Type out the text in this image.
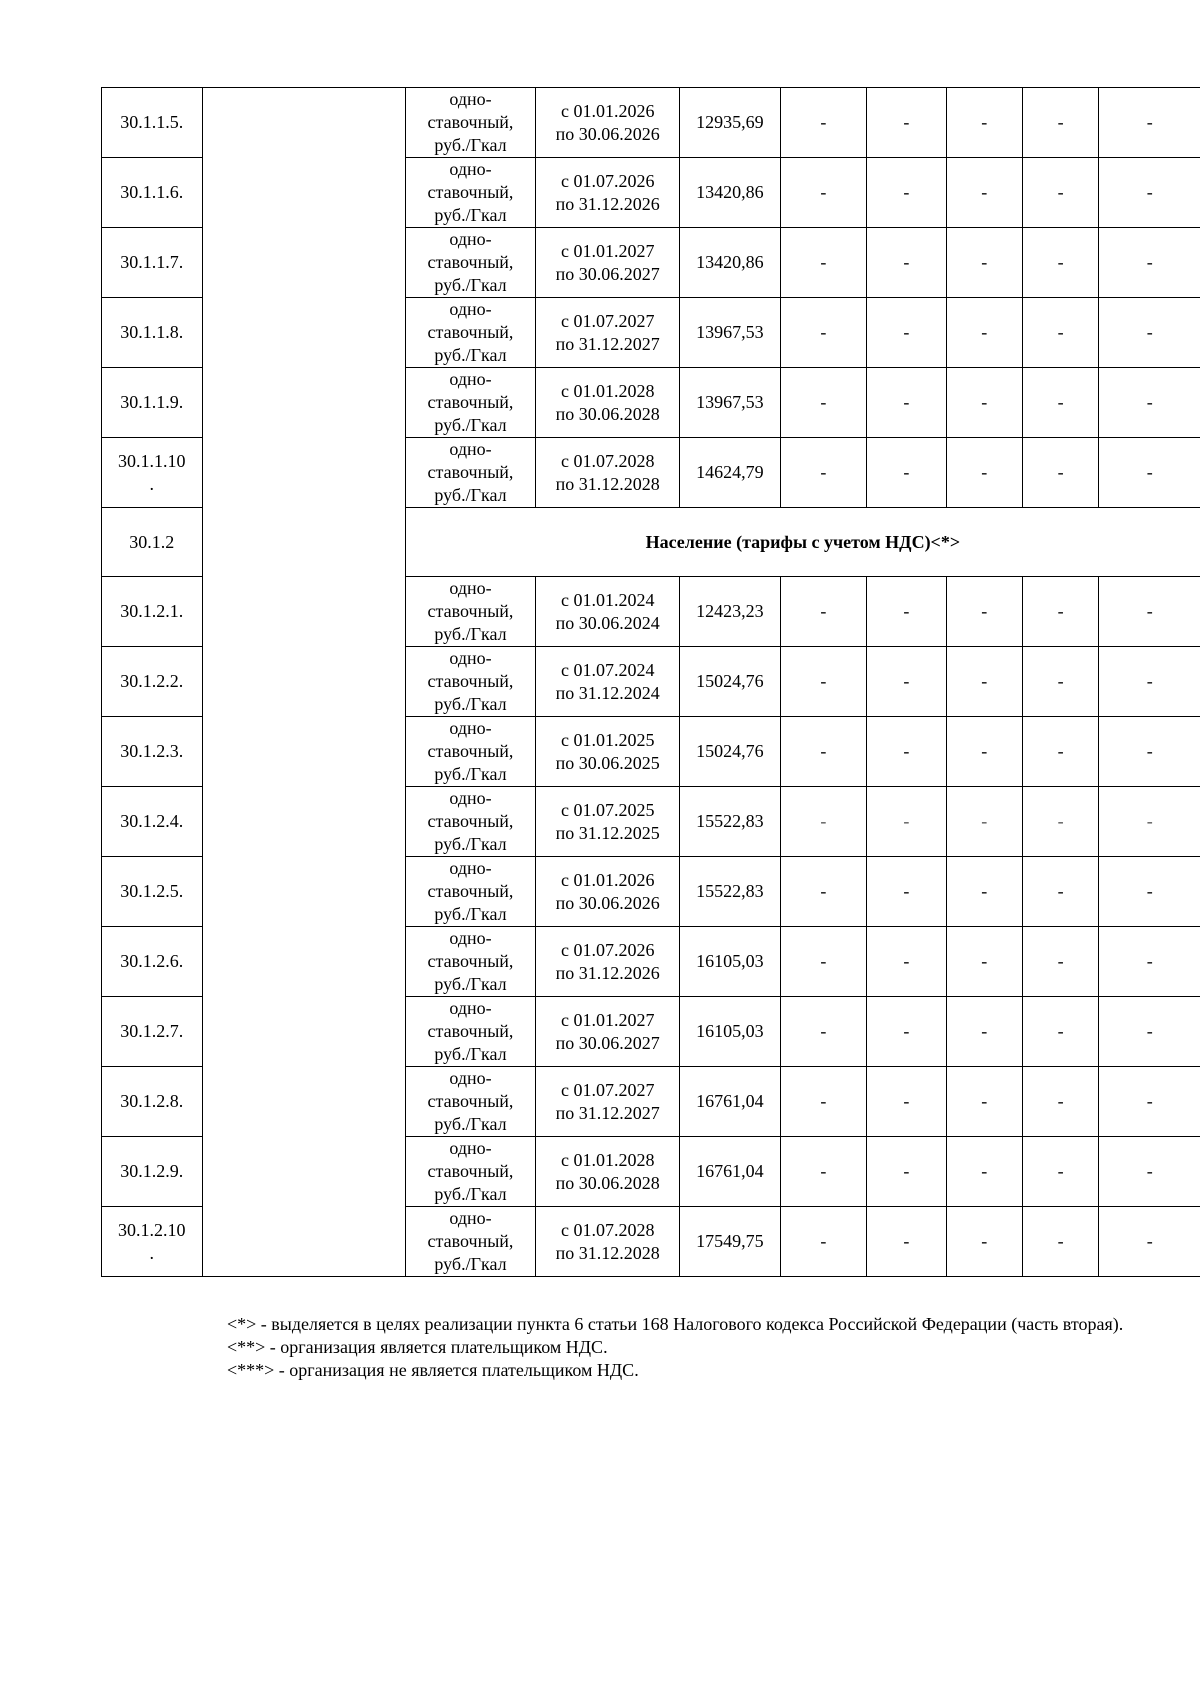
30.1.1.5.		одно-
ставочный,
руб./Гкал	с 01.01.2026
по 30.06.2026	12935,69	-	-	-	-	-

30.1.1.6.		одно-
ставочный,
руб./Гкал	с 01.07.2026
по 31.12.2026	13420,86	-	-	-	-	-

30.1.1.7.		одно-
ставочный,
руб./Гкал	с 01.01.2027
по 30.06.2027	13420,86	-	-	-	-	-

30.1.1.8.		одно-
ставочный,
руб./Гкал	с 01.07.2027
по 31.12.2027	13967,53	-	-	-	-	-

30.1.1.9.		одно-
ставочный,
руб./Гкал	с 01.01.2028
по 30.06.2028	13967,53	-	-	-	-	-

30.1.1.10
.		одно-
ставочный,
руб./Гкал	с 01.07.2028
по 31.12.2028	14624,79	-	-	-	-	-
30.1.2		Население (тарифы с учетом НДС)<*>							

30.1.2.1.		одно-
ставочный,
руб./Гкал	с 01.01.2024
по 30.06.2024	12423,23	-	-	-	-	-

30.1.2.2.		одно-
ставочный,
руб./Гкал	с 01.07.2024
по 31.12.2024	15024,76	-	-	-	-	-

30.1.2.3.		одно-
ставочный,
руб./Гкал	с 01.01.2025
по 30.06.2025	15024,76	-	-	-	-	-

30.1.2.4.		одно-
ставочный,
руб./Гкал	с 01.07.2025
по 31.12.2025	15522,83	-	-	-	-	-

30.1.2.5.		одно-
ставочный,
руб./Гкал	с 01.01.2026
по 30.06.2026	15522,83	-	-	-	-	-

30.1.2.6.		одно-
ставочный,
руб./Гкал	с 01.07.2026
по 31.12.2026	16105,03	-	-	-	-	-

30.1.2.7.		одно-
ставочный,
руб./Гкал	с 01.01.2027
по 30.06.2027	16105,03	-	-	-	-	-

30.1.2.8.		одно-
ставочный,
руб./Гкал	с 01.07.2027
по 31.12.2027	16761,04	-	-	-	-	-

30.1.2.9.		одно-
ставочный,
руб./Гкал	с 01.01.2028
по 30.06.2028	16761,04	-	-	-	-	-

30.1.2.10
.		одно-
ставочный,
руб./Гкал	с 01.07.2028
по 31.12.2028	17549,75	-	-	-	-	-

<*> - выделяется в целях реализации пункта 6 статьи 168 Налогового кодекса Российской Федерации (часть вторая).

<**> - организация является плательщиком НДС.

<***> - организация не является плательщиком НДС.
